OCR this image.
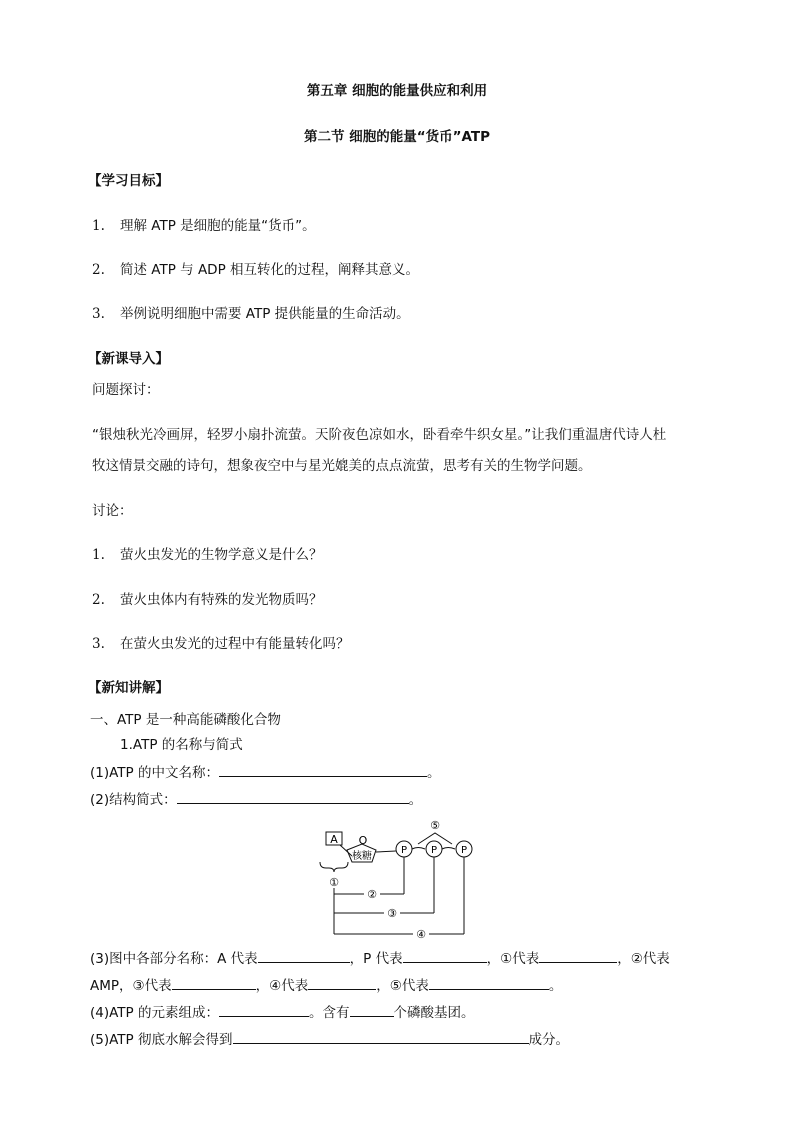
第五章 细胞的能量供应和利用
第二节 细胞的能量“货币”ATP
【学习目标】
1. 理解 ATP 是细胞的能量“货币”。
2. 简述 ATP 与 ADP 相互转化的过程，阐释其意义。
3. 举例说明细胞中需要 ATP 提供能量的生命活动。
【新课导入】
问题探讨：
“银烛秋光冷画屏，轻罗小扇扑流萤。天阶夜色凉如水，卧看牵牛织女星。”让我们重温唐代诗人杜
牧这情景交融的诗句，想象夜空中与星光媲美的点点流萤，思考有关的生物学问题。
讨论：
1. 萤火虫发光的生物学意义是什么？
2. 萤火虫体内有特殊的发光物质吗？
3. 在萤火虫发光的过程中有能量转化吗？
【新知讲解】
一、ATP 是一种高能磷酸化合物
1.ATP 的名称与简式
(1)ATP 的中文名称：	。
(2)结构简式：	。
A O
核糖
P P P
⑤
①
②
③
④
(3)图中各部分名称：A 代表	，P 代表	，①代表	，②代表
AMP，③代表	，④代表	，⑤代表	。
(4)ATP 的元素组成：	。含有	个磷酸基团。
(5)ATP 彻底水解会得到	成分。
